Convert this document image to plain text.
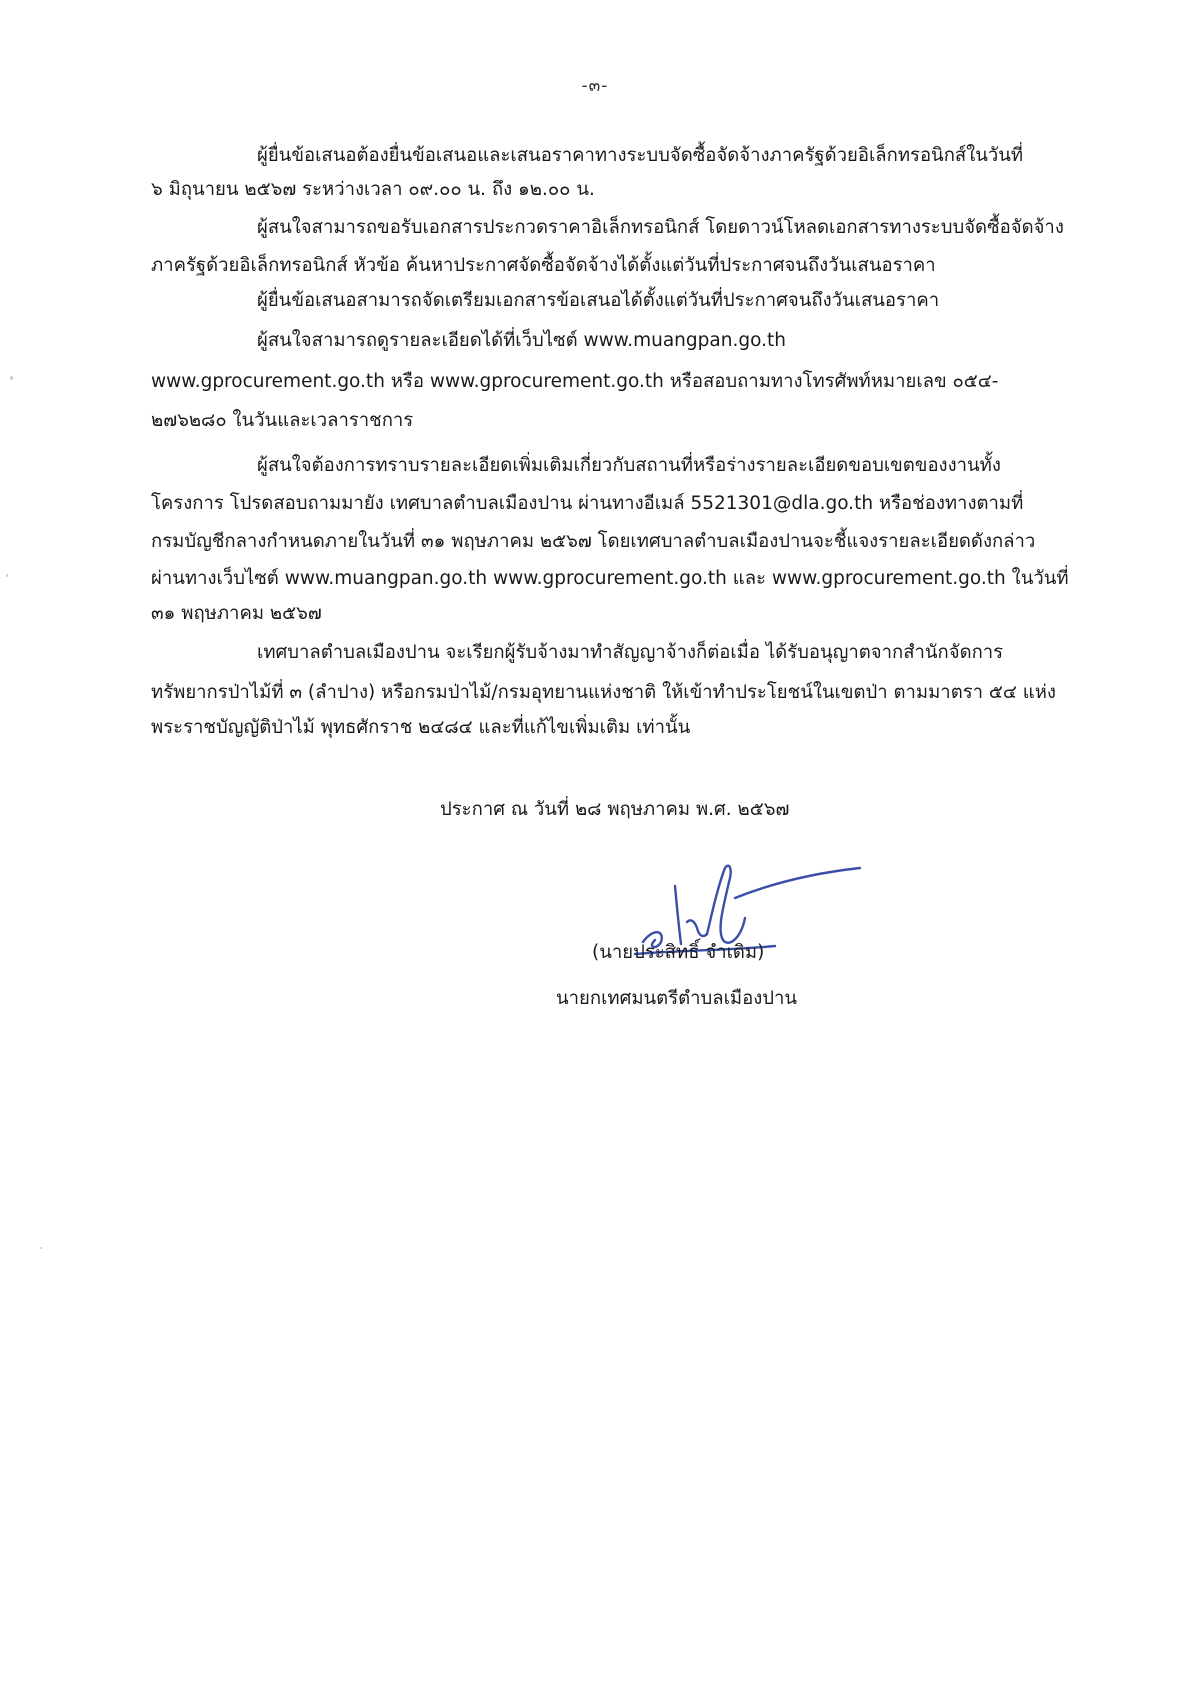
-๓-
ผู้ยื่นข้อเสนอต้องยื่นข้อเสนอและเสนอราคาทางระบบจัดซื้อจัดจ้างภาครัฐด้วยอิเล็กทรอนิกส์ในวันที่
๖ มิถุนายน ๒๕๖๗ ระหว่างเวลา ๐๙.๐๐ น. ถึง ๑๒.๐๐ น.
ผู้สนใจสามารถขอรับเอกสารประกวดราคาอิเล็กทรอนิกส์ โดยดาวน์โหลดเอกสารทางระบบจัดซื้อจัดจ้าง
ภาครัฐด้วยอิเล็กทรอนิกส์ หัวข้อ ค้นหาประกาศจัดซื้อจัดจ้างได้ตั้งแต่วันที่ประกาศจนถึงวันเสนอราคา
ผู้ยื่นข้อเสนอสามารถจัดเตรียมเอกสารข้อเสนอได้ตั้งแต่วันที่ประกาศจนถึงวันเสนอราคา
ผู้สนใจสามารถดูรายละเอียดได้ที่เว็บไซต์ www.muangpan.go.th
www.gprocurement.go.th หรือ www.gprocurement.go.th หรือสอบถามทางโทรศัพท์หมายเลข ๐๕๔-
๒๗๖๒๘๐ ในวันและเวลาราชการ
ผู้สนใจต้องการทราบรายละเอียดเพิ่มเติมเกี่ยวกับสถานที่หรือร่างรายละเอียดขอบเขตของงานทั้ง
โครงการ โปรดสอบถามมายัง เทศบาลตำบลเมืองปาน ผ่านทางอีเมล์ 5521301@dla.go.th หรือช่องทางตามที่
กรมบัญชีกลางกำหนดภายในวันที่ ๓๑ พฤษภาคม ๒๕๖๗ โดยเทศบาลตำบลเมืองปานจะชี้แจงรายละเอียดดังกล่าว
ผ่านทางเว็บไซต์ www.muangpan.go.th www.gprocurement.go.th และ www.gprocurement.go.th ในวันที่
๓๑ พฤษภาคม ๒๕๖๗
เทศบาลตำบลเมืองปาน จะเรียกผู้รับจ้างมาทำสัญญาจ้างก็ต่อเมื่อ ได้รับอนุญาตจากสำนักจัดการ
ทรัพยากรป่าไม้ที่ ๓ (ลำปาง) หรือกรมป่าไม้/กรมอุทยานแห่งชาติ ให้เข้าทำประโยชน์ในเขตป่า ตามมาตรา ๕๔ แห่ง
พระราชบัญญัติป่าไม้ พุทธศักราช ๒๔๘๔ และที่แก้ไขเพิ่มเติม เท่านั้น
ประกาศ ณ วันที่ ๒๘ พฤษภาคม พ.ศ. ๒๕๖๗
(นายประสิทธิ์ จำเดิม)
นายกเทศมนตรีตำบลเมืองปาน
